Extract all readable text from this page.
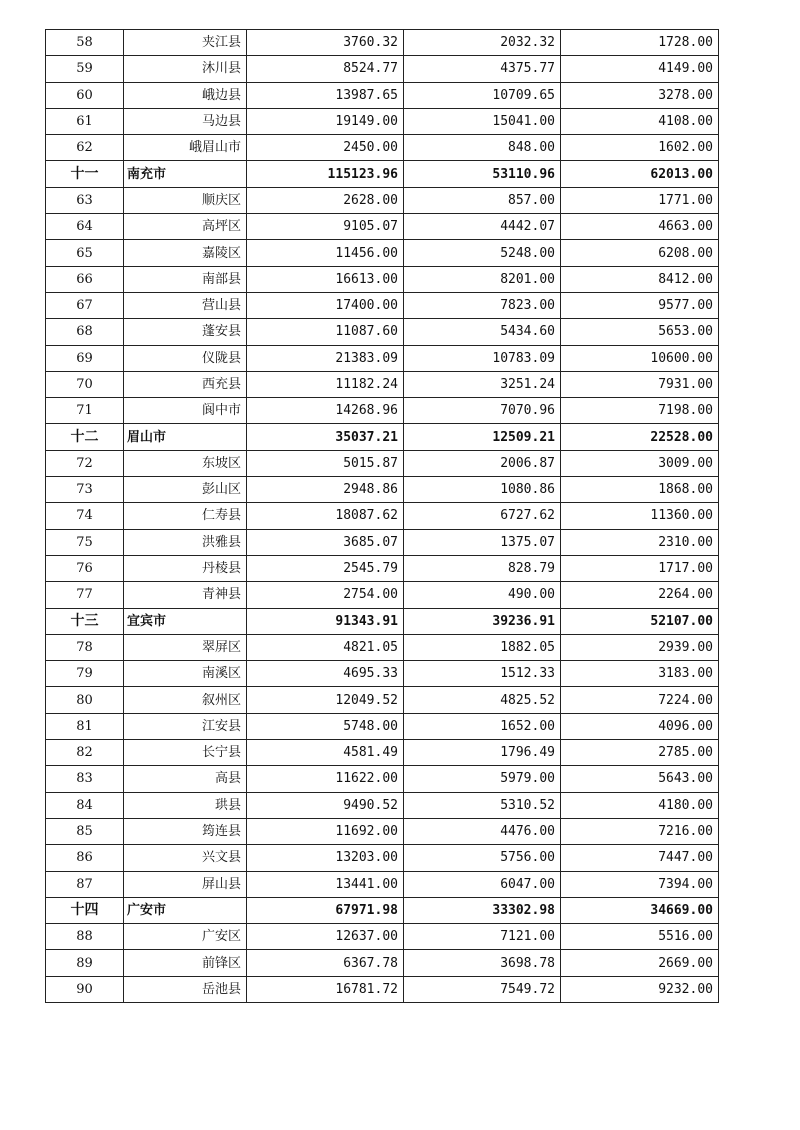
58	夹江县	3760.32	2032.32	1728.00
59	沐川县	8524.77	4375.77	4149.00
60	峨边县	13987.65	10709.65	3278.00
61	马边县	19149.00	15041.00	4108.00
62	峨眉山市	2450.00	848.00	1602.00
十一	南充市	115123.96	53110.96	62013.00
63	顺庆区	2628.00	857.00	1771.00
64	高坪区	9105.07	4442.07	4663.00
65	嘉陵区	11456.00	5248.00	6208.00
66	南部县	16613.00	8201.00	8412.00
67	营山县	17400.00	7823.00	9577.00
68	蓬安县	11087.60	5434.60	5653.00
69	仪陇县	21383.09	10783.09	10600.00
70	西充县	11182.24	3251.24	7931.00
71	阆中市	14268.96	7070.96	7198.00
十二	眉山市	35037.21	12509.21	22528.00
72	东坡区	5015.87	2006.87	3009.00
73	彭山区	2948.86	1080.86	1868.00
74	仁寿县	18087.62	6727.62	11360.00
75	洪雅县	3685.07	1375.07	2310.00
76	丹棱县	2545.79	828.79	1717.00
77	青神县	2754.00	490.00	2264.00
十三	宜宾市	91343.91	39236.91	52107.00
78	翠屏区	4821.05	1882.05	2939.00
79	南溪区	4695.33	1512.33	3183.00
80	叙州区	12049.52	4825.52	7224.00
81	江安县	5748.00	1652.00	4096.00
82	长宁县	4581.49	1796.49	2785.00
83	高县	11622.00	5979.00	5643.00
84	珙县	9490.52	5310.52	4180.00
85	筠连县	11692.00	4476.00	7216.00
86	兴文县	13203.00	5756.00	7447.00
87	屏山县	13441.00	6047.00	7394.00
十四	广安市	67971.98	33302.98	34669.00
88	广安区	12637.00	7121.00	5516.00
89	前锋区	6367.78	3698.78	2669.00
90	岳池县	16781.72	7549.72	9232.00
